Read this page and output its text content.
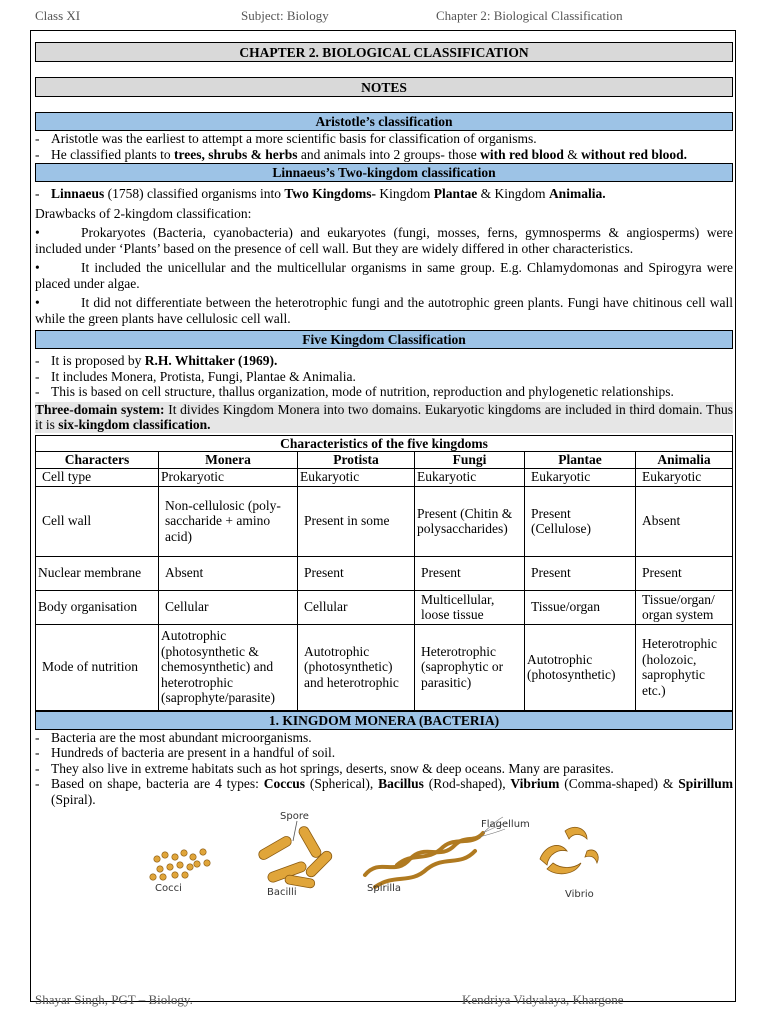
Class XI	Subject: Biology	Chapter 2: Biological Classification
CHAPTER 2. BIOLOGICAL CLASSIFICATION
NOTES
Aristotle’s classification

- Aristotle was the earliest to attempt a more scientific basis for classification of organisms.

- He classified plants to trees, shrubs & herbs and animals into 2 groups- those with red blood & without red blood.

Linnaeus’s Two-kingdom classification

- Linnaeus (1758) classified organisms into Two Kingdoms- Kingdom Plantae & Kingdom Animalia.

Drawbacks of 2-kingdom classification:

•	Prokaryotes (Bacteria, cyanobacteria) and eukaryotes (fungi, mosses, ferns, gymnosperms & angiosperms) were included under ‘Plants’ based on the presence of cell wall. But they are widely differed in other characteristics.

•	It included the unicellular and the multicellular organisms in same group. E.g. Chlamydomonas and Spirogyra were placed under algae.

•	It did not differentiate between the heterotrophic fungi and the autotrophic green plants. Fungi have chitinous cell wall while the green plants have cellulosic cell wall.

Five Kingdom Classification

- It is proposed by R.H. Whittaker (1969).

- It includes Monera, Protista, Fungi, Plantae & Animalia.

- This is based on cell structure, thallus organization, mode of nutrition, reproduction and phylogenetic relationships.

Three-domain system: It divides Kingdom Monera into two domains. Eukaryotic kingdoms are included in third domain. Thus it is six-kingdom classification.

Characteristics of the five kingdoms
Characters	Monera	Protista	Fungi	Plantae	Animalia
Cell type	Prokaryotic	Eukaryotic	Eukaryotic	Eukaryotic	Eukaryotic
Cell wall	Non-cellulosic (poly-saccharide + amino acid)	Present in some	Present (Chitin & polysaccharides)	Present (Cellulose)	Absent
Nuclear membrane	Absent	Present	Present	Present	Present
Body organisation	Cellular	Cellular	Multicellular, loose tissue	Tissue/organ	Tissue/organ/ organ system
Mode of nutrition	Autotrophic (photosynthetic & chemosynthetic) and heterotrophic (saprophyte/parasite)	Autotrophic (photosynthetic) and heterotrophic	Heterotrophic (saprophytic or parasitic)	Autotrophic (photosynthetic)	Heterotrophic (holozoic, saprophytic etc.)
1. KINGDOM MONERA (BACTERIA)

- Bacteria are the most abundant microorganisms.

- Hundreds of bacteria are present in a handful of soil.

- They also live in extreme habitats such as hot springs, deserts, snow & deep oceans. Many are parasites.

- Based on shape, bacteria are 4 types: Coccus (Spherical), Bacillus (Rod-shaped), Vibrium (Comma-shaped) & Spirillum (Spiral).

Cocci
Spore
Bacilli	Spirilla
Flagellum
Vibrio
Shayar Singh, PGT – Biology.	Kendriya Vidyalaya, Khargone
